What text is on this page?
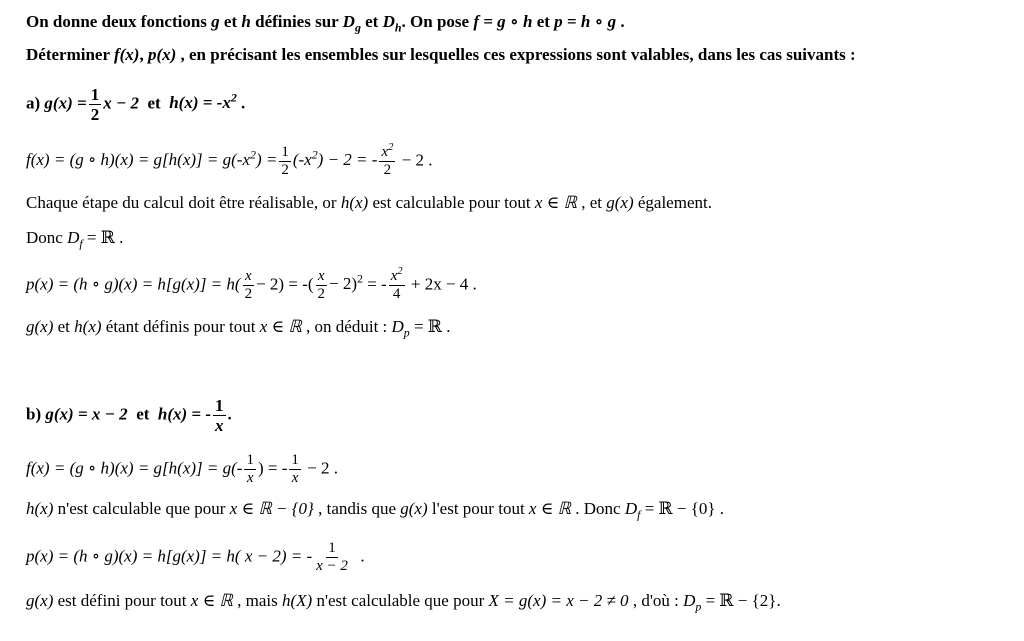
On donne deux fonctions g et h définies sur $D_g$ et $D_h$. On pose f = g ∘ h et p = h ∘ g .
Déterminer f(x), p(x) , en précisant les ensembles sur lesquelles ces expressions sont valables, dans les cas suivants :
a) $g(x) = \frac{1}{2}$ x − 2 et $h(x) = -x^2$ .
f(x) = (g ∘ $h)(x) = g[h(x)] = g(-x^2) = \frac{1}{2} (-x^2) - 2$ = - $\frac{x^2}{2} - 2$ .
Chaque étape du calcul doit être réalisable, or h(x) est calculable pour tout x ∈ ℝ , et g(x) également.
Donc $D_f$ = ℝ .
p(x) = (h ∘ $g)(x) = h[g(x)] = h( \frac{x}{2} - 2)$ = -( $\frac{x}{2} - 2)^2$ = - $\frac{x^2}{4} + 2x - 4$ .
g(x) et h(x) étant définis pour tout x ∈ ℝ , on déduit : $D_p$ = ℝ .
b) g(x) = x − 2 et h(x) = - $\frac{1}{x}$ .
f(x) = (g ∘ $h)(x) = g[h(x)] = g(- \frac{1}{x}$ ) = - $\frac{1}{x} - 2$ .
h(x) n'est calculable que pour x ∈ ℝ − {0} , tandis que g(x) l'est pour tout x ∈ ℝ . Donc $D_f$ = ℝ − {0} .
p(x) = (h ∘ g)(x) = h[g(x)] = h( x − 2) = - $\frac{1}{x - 2}$ .
g(x) est défini pour tout x ∈ ℝ , mais h(X) n'est calculable que pour X = g(x) = x − 2 ≠ 0 , d'où : $D_p$ = ℝ − {2}.
